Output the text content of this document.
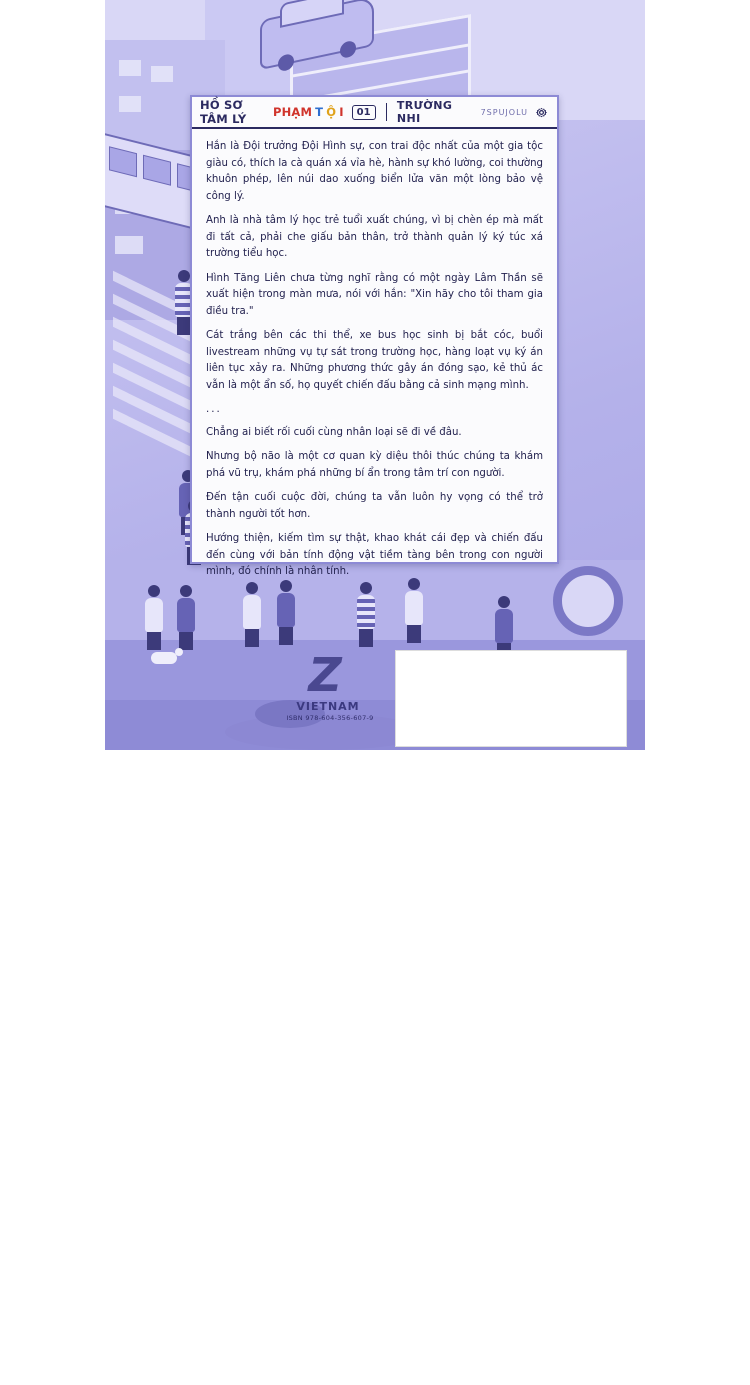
Z
VIETNAM
ISBN 978-604-356-607-9
HỒ SƠ TÂM LÝ	PHẠM T Ộ I	01	TRƯỜNG NHI	7SPUJOLU

Hắn là Đội trưởng Đội Hình sự, con trai độc nhất của một gia tộc giàu có, thích la cà quán xá vỉa hè, hành sự khó lường, coi thường khuôn phép, lên núi dao xuống biển lửa văn một lòng bảo vệ công lý.

Anh là nhà tâm lý học trẻ tuổi xuất chúng, vì bị chèn ép mà mất đi tất cả, phải che giấu bản thân, trở thành quản lý ký túc xá trường tiểu học.

Hình Tăng Liên chưa từng nghĩ rằng có một ngày Lâm Thần sẽ xuất hiện trong màn mưa, nói với hắn: "Xin hãy cho tôi tham gia điều tra."

Cát trắng bên các thi thể, xe bus học sinh bị bắt cóc, buổi livestream những vụ tự sát trong trường học, hàng loạt vụ ký án liên tục xảy ra. Những phương thức gây án đóng sạo, kẻ thủ ác vẫn là một ẩn số, họ quyết chiến đấu bằng cả sinh mạng mình.

...

Chẳng ai biết rối cuối cùng nhân loại sẽ đi về đâu.

Nhưng bộ não là một cơ quan kỳ diệu thôi thúc chúng ta khám phá vũ trụ, khám phá những bí ẩn trong tâm trí con người.

Đến tận cuối cuộc đời, chúng ta vẫn luôn hy vọng có thể trở thành người tốt hơn.

Hướng thiện, kiếm tìm sự thật, khao khát cái đẹp và chiến đấu đến cùng với bản tính động vật tiềm tàng bên trong con người mình, đó chính là nhân tính.
